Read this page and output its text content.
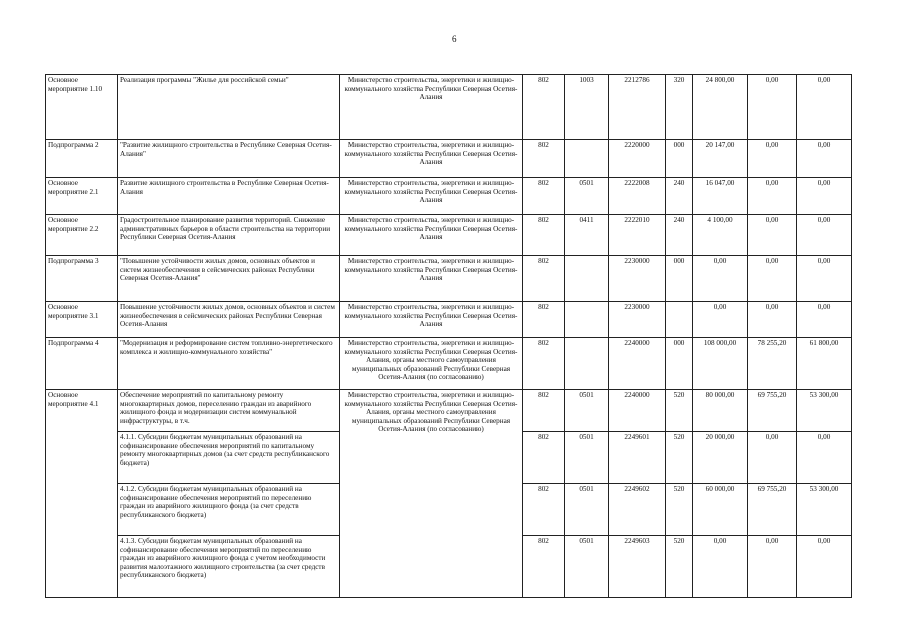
6
Основное мероприятие 1.10	Реализация программы "Жилье для российской семьи"	Министерство строительства, энергетики и жилищно-коммунального хозяйства Республики Северная Осетия-Алания	802	1003	2212786	320	24 800,00	0,00	0,00
Подпрограмма 2	"Развитие жилищного строительства в Республике Северная Осетия-Алания"	Министерство строительства, энергетики и жилищно-коммунального хозяйства Республики Северная Осетия-Алания	802		2220000	000	20 147,00	0,00	0,00
Основное мероприятие 2.1	Развитие жилищного строительства в Республике Северная Осетия-Алания	Министерство строительства, энергетики и жилищно-коммунального хозяйства Республики Северная Осетия-Алания	802	0501	2222008	240	16 047,00	0,00	0,00
Основное мероприятие 2.2	Градостроительное планирование развития территорий. Снижение административных барьеров в области строительства на территории Республики Северная Осетия-Алания	Министерство строительства, энергетики и жилищно-коммунального хозяйства Республики Северная Осетия-Алания	802	0411	2222010	240	4 100,00	0,00	0,00
Подпрограмма 3	"Повышение устойчивости жилых домов, основных объектов и систем жизнеобеспечения в сейсмических районах Республики Северная Осетия-Алания"	Министерство строительства, энергетики и жилищно-коммунального хозяйства Республики Северная Осетия-Алания	802		2230000	000	0,00	0,00	0,00
Основное мероприятие 3.1	Повышение устойчивости жилых домов, основных объектов и систем жизнеобеспечения в сейсмических районах Республики Северная Осетия-Алания	Министерство строительства, энергетики и жилищно-коммунального хозяйства Республики Северная Осетия-Алания	802		2230000		0,00	0,00	0,00
Подпрограмма 4	"Модернизация и реформирование систем топливно-энергетического комплекса и жилищно-коммунального хозяйства"	Министерство строительства, энергетики и жилищно-коммунального хозяйства Республики Северная Осетия-Алания, органы местного самоуправления муниципальных образований Республики Северная Осетия-Алания (по согласованию)	802		2240000	000	108 000,00	78 255,20	61 800,00
Основное мероприятие 4.1	Обеспечение мероприятий по капитальному ремонту многоквартирных домов, переселению граждан из аварийного жилищного фонда и модернизации систем коммунальной инфраструктуры, в т.ч.	Министерство строительства, энергетики и жилищно-коммунального хозяйства Республики Северная Осетия-Алания, органы местного самоуправления муниципальных образований Республики Северная Осетия-Алания (по согласованию)	802	0501	2240000	520	80 000,00	69 755,20	53 300,00
	4.1.1. Субсидии бюджетам муниципальных образований на софинансирование обеспечения мероприятий по капитальному ремонту многоквартирных домов (за счет средств республиканского бюджета)		802	0501	2249601	520	20 000,00	0,00	0,00
	4.1.2. Субсидии бюджетам муниципальных образований на софинансирование обеспечения мероприятий по переселению граждан из аварийного жилищного фонда (за счет средств республиканского бюджета)		802	0501	2249602	520	60 000,00	69 755,20	53 300,00
	4.1.3. Субсидии бюджетам муниципальных образований на софинансирование обеспечения мероприятий по переселению граждан из аварийного жилищного фонда с учетом необходимости развития малоэтажного жилищного строительства (за счет средств республиканского бюджета)		802	0501	2249603	520	0,00	0,00	0,00
